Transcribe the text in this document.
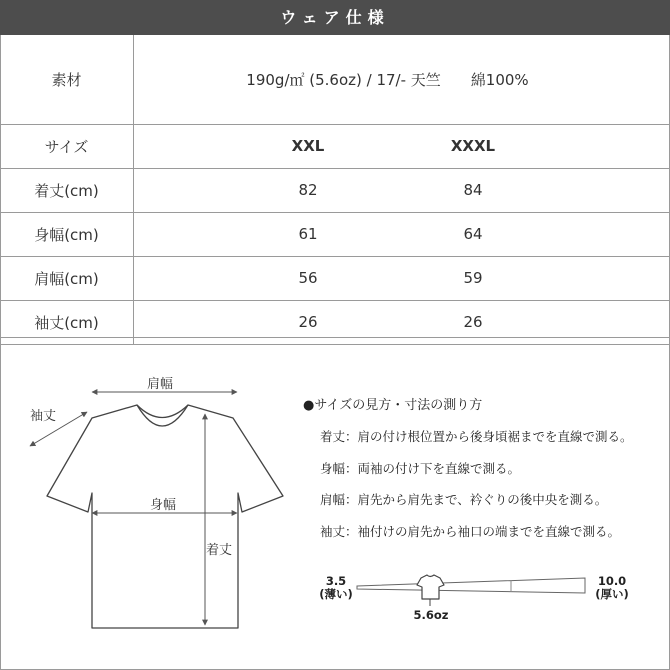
ウェア仕様
素材	190g/㎡ (5.6oz) / 17/- 天竺　　綿100%
サイズ	XXL XXXL

着丈(cm)	82 84

身幅(cm)	61 64

肩幅(cm)	56 59

袖丈(cm)	26 26
肩幅
袖丈
身幅
着丈
●サイズの見方・寸法の測り方
着丈：肩の付け根位置から後身頃裾までを直線で測る。
身幅：両袖の付け下を直線で測る。
肩幅：肩先から肩先まで、衿ぐりの後中央を測る。
袖丈：袖付けの肩先から袖口の端までを直線で測る。
3.5
(薄い)
10.0
(厚い)
5.6oz
